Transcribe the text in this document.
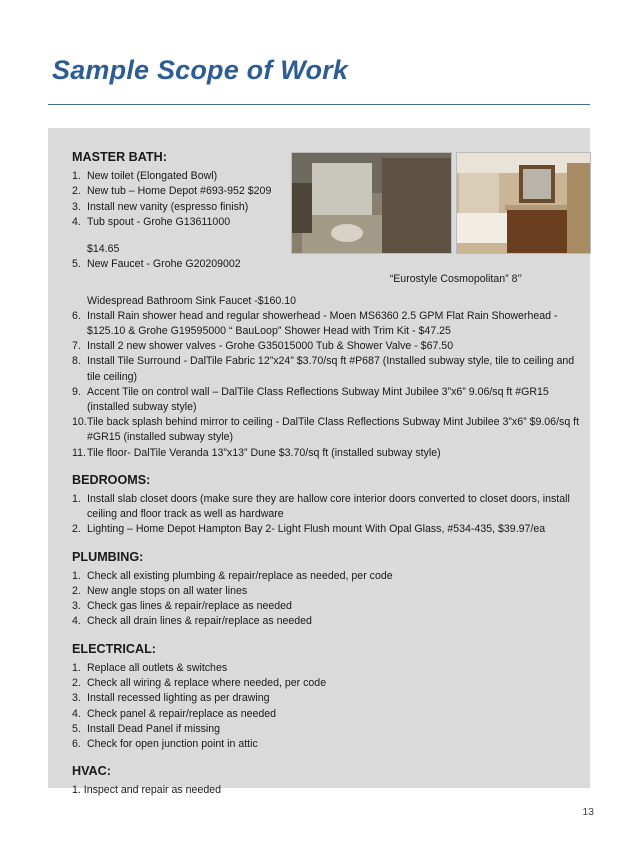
Sample Scope of Work
MASTER BATH:
1. New toilet (Elongated Bowl)
2. New tub – Home Depot #693-952 $209
3. Install new vanity (espresso finish)
4. Tub spout - Grohe G13611000
$14.65
5. New Faucet - Grohe G20209002
“Eurostyle Cosmopolitan” 8’’
Widespread Bathroom Sink Faucet -$160.10
6. Install Rain shower head and regular showerhead - Moen MS6360 2.5 GPM Flat Rain Showerhead - $125.10 & Grohe G19595000 “ BauLoop” Shower Head with Trim Kit - $47.25
7. Install 2 new shower valves - Grohe G35015000 Tub & Shower Valve - $67.50
8. Install Tile Surround - DalTile Fabric 12”x24” $3.70/sq ft #P687 (Installed subway style, tile to ceiling and tile ceiling)
9. Accent Tile on control wall – DalTile Class Reflections Subway Mint Jubilee 3”x6” 9.06/sq ft #GR15 (installed subway style)
10. Tile back splash behind mirror to ceiling - DalTile Class Reflections Subway Mint Jubilee 3”x6” $9.06/sq ft #GR15 (installed subway style)
11. Tile floor- DalTile Veranda 13”x13” Dune $3.70/sq ft (installed subway style)
BEDROOMS:
1. Install slab closet doors (make sure they are hallow core interior doors converted to closet doors, install ceiling and floor track as well as hardware
2. Lighting – Home Depot Hampton Bay 2- Light Flush mount With Opal Glass, #534-435, $39.97/ea
PLUMBING:
1. Check all existing plumbing & repair/replace as needed, per code
2. New angle stops on all water lines
3. Check gas lines & repair/replace as needed
4. Check all drain lines & repair/replace as needed
ELECTRICAL:
1. Replace all outlets & switches
2. Check all wiring & replace where needed, per code
3. Install recessed lighting as per drawing
4. Check panel & repair/replace as needed
5. Install Dead Panel if missing
6. Check for open junction point in attic
HVAC:
1. Inspect and repair as needed
13
